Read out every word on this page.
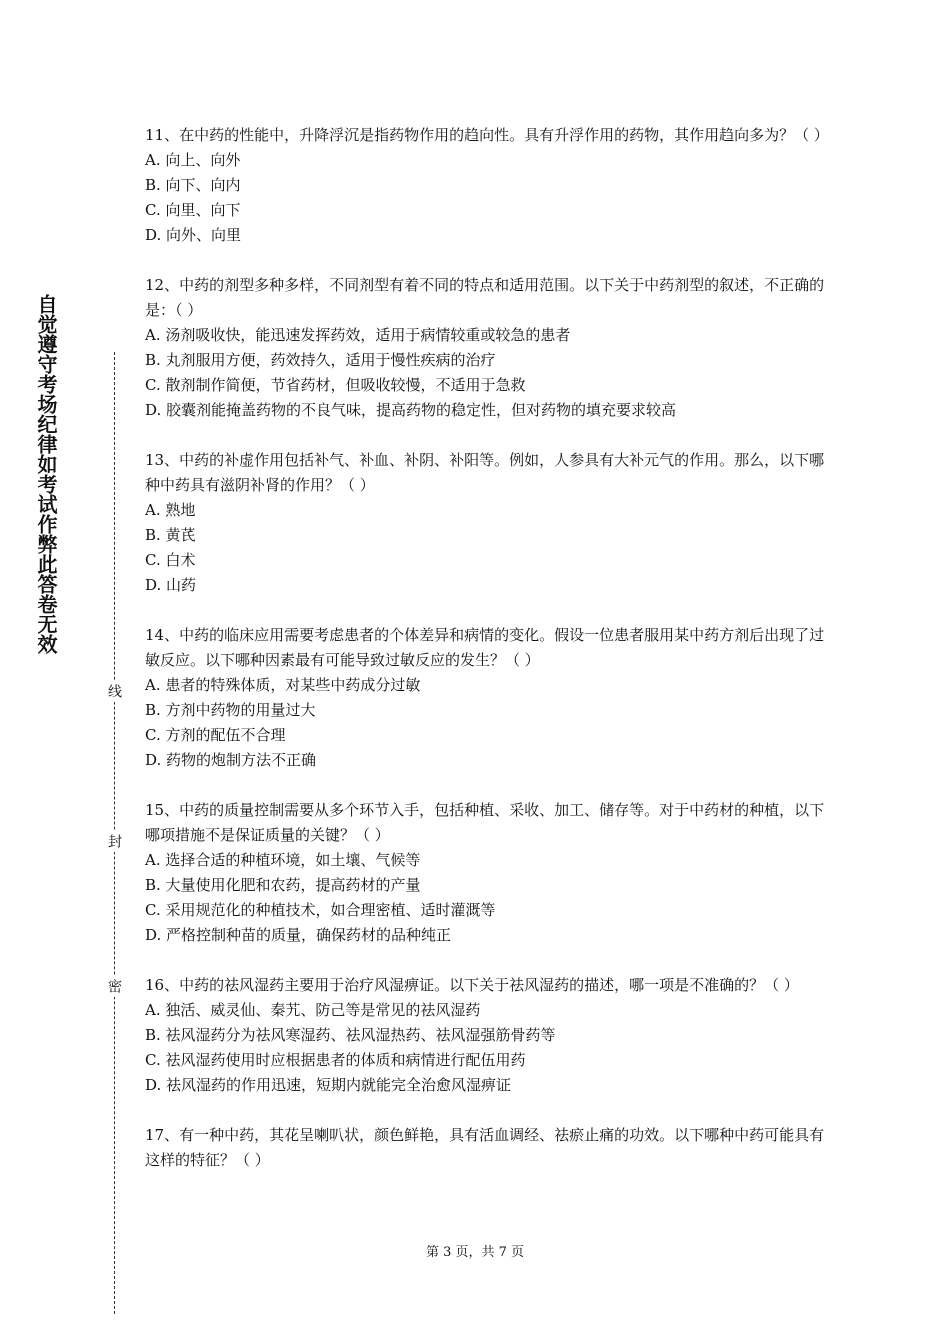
自觉遵守考场纪律如考试作弊此答卷无效
线
封
密
11、在中药的性能中，升降浮沉是指药物作用的趋向性。具有升浮作用的药物，其作用趋向多为？（ ）
A. 向上、向外
B. 向下、向内
C. 向里、向下
D. 向外、向里
12、中药的剂型多种多样，不同剂型有着不同的特点和适用范围。以下关于中药剂型的叙述，不正确的是：（ ）
A. 汤剂吸收快，能迅速发挥药效，适用于病情较重或较急的患者
B. 丸剂服用方便，药效持久，适用于慢性疾病的治疗
C. 散剂制作简便，节省药材，但吸收较慢，不适用于急救
D. 胶囊剂能掩盖药物的不良气味，提高药物的稳定性，但对药物的填充要求较高
13、中药的补虚作用包括补气、补血、补阴、补阳等。例如，人参具有大补元气的作用。那么，以下哪种中药具有滋阴补肾的作用？（ ）
A. 熟地
B. 黄芪
C. 白术
D. 山药
14、中药的临床应用需要考虑患者的个体差异和病情的变化。假设一位患者服用某中药方剂后出现了过敏反应。以下哪种因素最有可能导致过敏反应的发生？（ ）
A. 患者的特殊体质，对某些中药成分过敏
B. 方剂中药物的用量过大
C. 方剂的配伍不合理
D. 药物的炮制方法不正确
15、中药的质量控制需要从多个环节入手，包括种植、采收、加工、储存等。对于中药材的种植，以下哪项措施不是保证质量的关键？（ ）
A. 选择合适的种植环境，如土壤、气候等
B. 大量使用化肥和农药，提高药材的产量
C. 采用规范化的种植技术，如合理密植、适时灌溉等
D. 严格控制种苗的质量，确保药材的品种纯正
16、中药的祛风湿药主要用于治疗风湿痹证。以下关于祛风湿药的描述，哪一项是不准确的？（ ）
A. 独活、威灵仙、秦艽、防己等是常见的祛风湿药
B. 祛风湿药分为祛风寒湿药、祛风湿热药、祛风湿强筋骨药等
C. 祛风湿药使用时应根据患者的体质和病情进行配伍用药
D. 祛风湿药的作用迅速，短期内就能完全治愈风湿痹证
17、有一种中药，其花呈喇叭状，颜色鲜艳，具有活血调经、祛瘀止痛的功效。以下哪种中药可能具有这样的特征？（ ）
第 3 页，共 7 页
